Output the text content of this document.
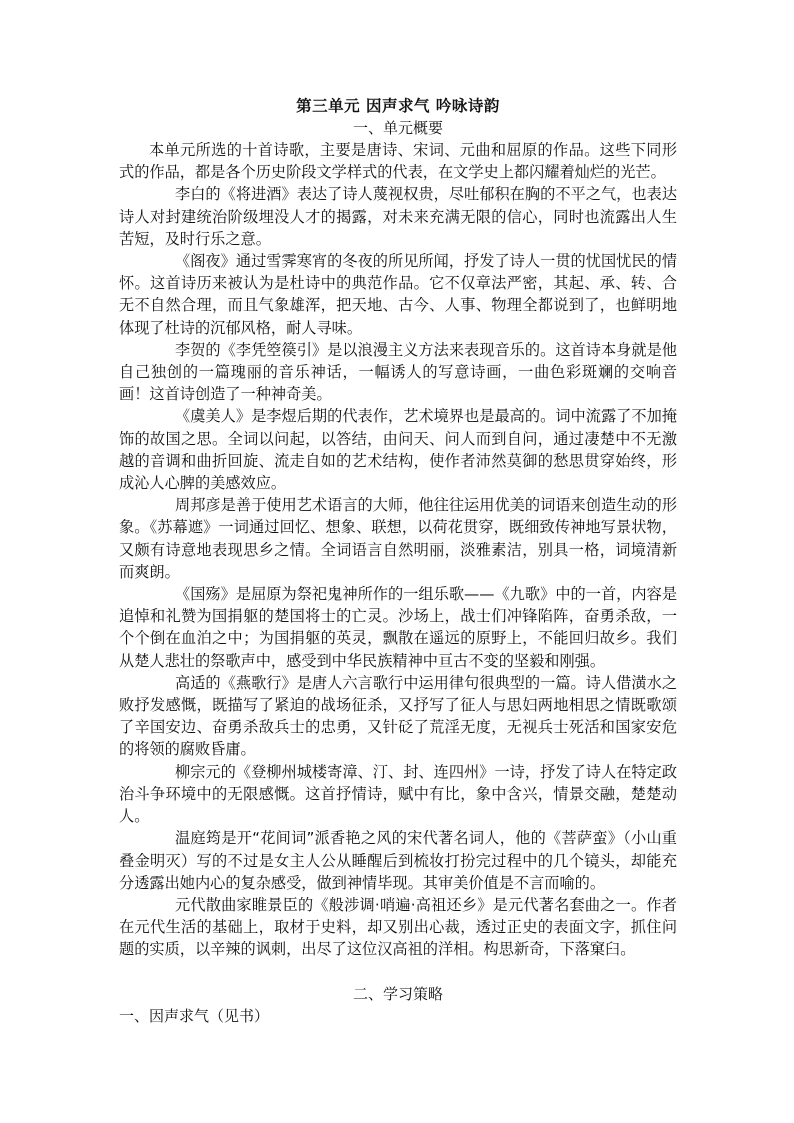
第三单元 因声求气 吟咏诗韵
一、单元概要

本单元所选的十首诗歌，主要是唐诗、宋词、元曲和屈原的作品。这些下同形式的作品，都是各个历史阶段文学样式的代表，在文学史上都闪耀着灿烂的光芒。

李白的《将进酒》表达了诗人蔑视权贵，尽吐郁积在胸的不平之气，也表达诗人对封建统治阶级埋没人才的揭露，对未来充满无限的信心，同时也流露出人生苦短，及时行乐之意。

《阁夜》通过雪霁寒宵的冬夜的所见所闻，抒发了诗人一贯的忧国忧民的情怀。这首诗历来被认为是杜诗中的典范作品。它不仅章法严密，其起、承、转、合无不自然合理，而且气象雄浑，把天地、古今、人事、物理全都说到了，也鲜明地体现了杜诗的沉郁风格，耐人寻味。

李贺的《李凭箜篌引》是以浪漫主义方法来表现音乐的。这首诗本身就是他自己独创的一篇瑰丽的音乐神话，一幅诱人的写意诗画，一曲色彩斑斓的交响音画！这首诗创造了一种神奇美。

《虞美人》是李煜后期的代表作，艺术境界也是最高的。词中流露了不加掩饰的故国之思。全词以问起，以答结，由问天、问人而到自问，通过凄楚中不无激越的音调和曲折回旋、流走自如的艺术结构，使作者沛然莫御的愁思贯穿始终，形成沁人心脾的美感效应。

周邦彦是善于使用艺术语言的大师，他往往运用优美的词语来创造生动的形象。《苏幕遮》一词通过回忆、想象、联想，以荷花贯穿，既细致传神地写景状物，又颇有诗意地表现思乡之情。全词语言自然明丽，淡雅素洁，别具一格，词境清新而爽朗。

《国殇》是屈原为祭祀鬼神所作的一组乐歌——《九歌》中的一首，内容是追悼和礼赞为国捐躯的楚国将士的亡灵。沙场上，战士们冲锋陷阵，奋勇杀敌，一个个倒在血泊之中；为国捐躯的英灵，飘散在遥远的原野上，不能回归故乡。我们从楚人悲壮的祭歌声中，感受到中华民族精神中亘古不变的坚毅和刚强。

高适的《燕歌行》是唐人六言歌行中运用律句很典型的一篇。诗人借潢水之败抒发感慨，既描写了紧迫的战场征杀，又抒写了征人与思妇两地相思之情既歌颂了辛国安边、奋勇杀敌兵士的忠勇，又针砭了荒淫无度，无视兵士死活和国家安危的将领的腐败昏庸。

柳宗元的《登柳州城楼寄漳、汀、封、连四州》一诗，抒发了诗人在特定政治斗争环境中的无限感慨。这首抒情诗，赋中有比，象中含兴，情景交融，楚楚动人。

温庭筠是开“花间词”派香艳之风的宋代著名词人，他的《菩萨蛮》（小山重叠金明灭）写的不过是女主人公从睡醒后到梳妆打扮完过程中的几个镜头，却能充分透露出她内心的复杂感受，做到神情毕现。其审美价值是不言而喻的。

元代散曲家睢景臣的《般涉调·哨遍·高祖还乡》是元代著名套曲之一。作者在元代生活的基础上，取材于史料，却又别出心裁，透过正史的表面文字，抓住问题的实质，以辛辣的讽刺，出尽了这位汉高祖的洋相。构思新奇，下落窠臼。

二、学习策略
一、因声求气（见书）
